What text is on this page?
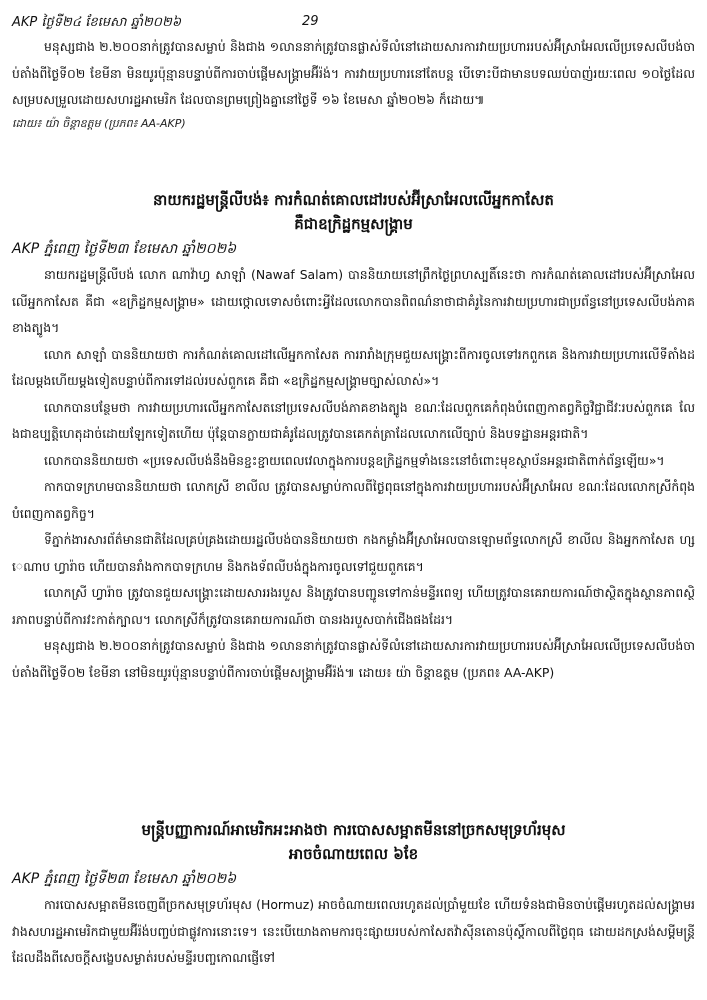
AKP ថ្ងៃទី២៤ ខែមេសា ឆ្នាំ២០២៦	29

មនុស្សជាង ២.២០០នាក់ត្រូវបានសម្លាប់ និងជាង ១លាននាក់ត្រូវបានផ្លាស់ទីលំនៅដោយសារការវាយប្រហាររបស់អ៊ីស្រាអែលលើប្រទេសលីបង់ចាប់តាំងពីថ្ងៃទី០២ ខែមីនា មិនយូរប៉ុន្មានបន្ទាប់ពីការចាប់ផ្តើមសង្គ្រាមអ៊ីរ៉ង់។ ការវាយប្រហារនៅតែបន្ត បើទោះបីជាមានបទឈប់បាញ់រយៈពេល ១០ថ្ងៃដែលសម្របសម្រួលដោយសហរដ្ឋអាមេរិក ដែលបានព្រមព្រៀងគ្នានៅថ្ងៃទី ១៦ ខែមេសា ឆ្នាំ២០២៦ ក៏ដោយ៕

ដោយ៖ យ៉ា ចិន្ដាឧត្តម (ប្រភព៖ AA-AKP)

នាយករដ្ឋមន្ត្រីលីបង់៖ ការកំណត់គោលដៅរបស់អ៊ីស្រាអែលលើអ្នកកាសែត

គឺជាឧក្រិដ្ឋកម្មសង្គ្រាម

AKP ភ្នំពេញ ថ្ងៃទី២៣ ខែមេសា ឆ្នាំ២០២៦

នាយករដ្ឋមន្ត្រីលីបង់ លោក ណាវ៉ាហ្វ សាឡាំ (Nawaf Salam) បាននិយាយនៅព្រឹកថ្ងៃព្រហស្បតិ៍នេះថា ការកំណត់គោលដៅរបស់អ៊ីស្រាអែលលើអ្នកកាសែត គឺជា «ឧក្រិដ្ឋកម្មសង្គ្រាម» ដោយថ្កោលទោសចំពោះអ្វីដែលលោកបានពិពណ៌នាថាជាគំរូនៃការវាយប្រហារជាប្រព័ន្ធនៅប្រទេសលីបង់ភាគខាងត្បូង។

លោក សាឡាំ បាននិយាយថា ការកំណត់គោលដៅលើអ្នកកាសែត ការរារាំងក្រុមជួយសង្គ្រោះពីការចូលទៅរកពួកគេ និងការវាយប្រហារលើទីតាំងដដែលម្តងហើយម្តងទៀតបន្ទាប់ពីការទៅដល់របស់ពួកគេ គឺជា «ឧក្រិដ្ឋកម្មសង្គ្រាមច្បាស់លាស់»។

លោកបានបន្ថែមថា ការវាយប្រហារលើអ្នកកាសែតនៅប្រទេសលីបង់ភាគខាងត្បូង ខណៈដែលពួកគេកំពុងបំពេញកាតព្វកិច្ចវិជ្ជាជីវៈរបស់ពួកគេ លែងជាឧប្បត្តិហេតុដាច់ដោយឡែកទៀតហើយ ប៉ុន្តែបានក្លាយជាគំរូដែលត្រូវបានគេកត់ត្រាដែលលោកលើច្បាប់ និងបទដ្ឋានអន្តរជាតិ។

លោកបាននិយាយថា «ប្រទេសលីបង់នឹងមិនខ្ជះខ្ជាយពេលវេលាក្នុងការបន្តឧក្រិដ្ឋកម្មទាំងនេះនៅចំពោះមុខស្ថាប័នអន្តរជាតិពាក់ព័ន្ធឡើយ»។

កាកបាទក្រហមបាននិយាយថា លោកស្រី ខាលីល ត្រូវបានសម្លាប់កាលពីថ្ងៃពុធនៅក្នុងការវាយប្រហាររបស់អ៊ីស្រាអែល ខណៈដែលលោកស្រីកំពុងបំពេញកាតព្វកិច្ច។

ទីភ្នាក់ងារសារព័ត៌មានជាតិដែលគ្រប់គ្រងដោយរដ្ឋលីបង់បាននិយាយថា កងកម្លាំងអ៊ីស្រាអែលបានឡោមព័ទ្ធលោកស្រី ខាលីល និងអ្នកកាសែត ហ្សេណាប ហ្វារ៉ាច ហើយបានរាំងកាកបាទក្រហម និងកងទ័ពលីបង់ក្នុងការចូលទៅជួយពួកគេ។

លោកស្រី ហ្វារ៉ាច ត្រូវបានជួយសង្គ្រោះដោយសាររងរបួស និងត្រូវបានបញ្ជូនទៅកាន់មន្ទីរពេទ្យ ហើយត្រូវបានគេរាយការណ៍ថាស្ថិតក្នុងស្ថានភាពស្ថិរភាពបន្ទាប់ពីការវះកាត់ក្បាល។ លោកស្រីក៏ត្រូវបានគេរាយការណ៍ថា បានរងរបួសបាក់ជើងផងដែរ។

មនុស្សជាង ២.២០០នាក់ត្រូវបានសម្លាប់ និងជាង ១លាននាក់ត្រូវបានផ្លាស់ទីលំនៅដោយសារការវាយប្រហាររបស់អ៊ីស្រាអែលលើប្រទេសលីបង់ចាប់តាំងពីថ្ងៃទី០២ ខែមីនា នៅមិនយូរប៉ុន្មានបន្ទាប់ពីការចាប់ផ្តើមសង្គ្រាមអ៊ីរ៉ង់៕ ដោយ៖ យ៉ា ចិន្ដាឧត្តម (ប្រភព៖ AA-AKP)

មន្ត្រីបញ្ញាការណ៍អាមេរិកអះអាងថា ការបោសសម្អាតមីននៅច្រកសមុទ្រហ័រមុស

អាចចំណាយពេល ៦ខែ

AKP ភ្នំពេញ ថ្ងៃទី២៣ ខែមេសា ឆ្នាំ២០២៦

ការបោសសម្អាតមីនចេញពីច្រកសមុទ្រហ័រមុស (Hormuz) អាចចំណាយពេលរហូតដល់ប្រាំមួយខែ ហើយទំនងជាមិនចាប់ផ្តើមរហូតដល់សង្គ្រាមរវាងសហរដ្ឋអាមេរិកជាមួយអ៊ីរ៉ង់បញ្ចប់ជាផ្លូវការនោះទេ។ នេះបើយោងតាមការចុះផ្សាយរបស់កាសែតវ៉ាស៊ីនតោនប៉ុស្តិ៍កាលពីថ្ងៃពុធ ដោយដកស្រង់សម្តីមន្ត្រីដែលដឹងពីសេចក្តីសង្ខេបសម្ងាត់របស់មន្ទីរបញ្ចកោណផ្ញើទៅ
